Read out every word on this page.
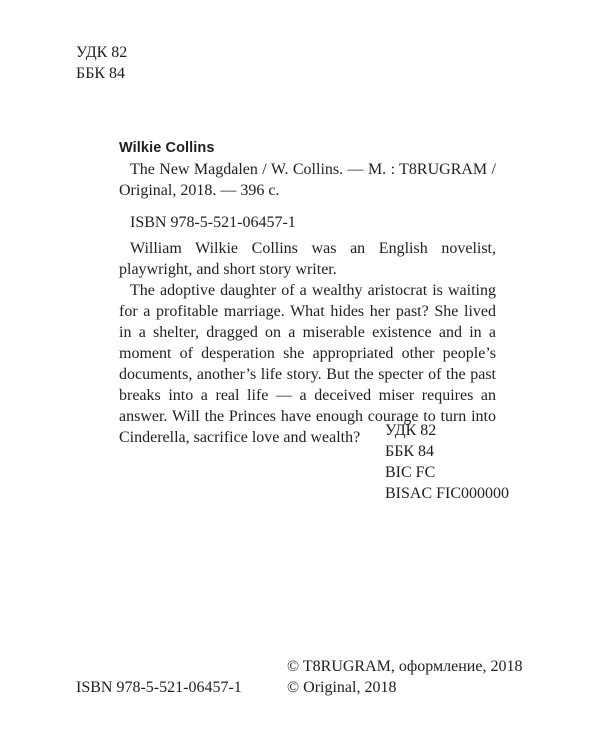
УДК 82
ББК 84
Wilkie Collins
The New Magdalen / W. Collins. — M. : T8RUGRAM /
Original, 2018. — 396 c.
ISBN 978-5-521-06457-1

William Wilkie Collins was an English novelist, playwright, and short story writer.

The adoptive daughter of a wealthy aristocrat is waiting for a profitable marriage. What hides her past? She lived in a shelter, dragged on a miserable existence and in a moment of desperation she appropriated other people’s documents, another’s life story. But the specter of the past breaks into a real life — a deceived miser requires an answer. Will the Princes have enough courage to turn into Cinderella, sacrifice love and wealth?	УДК 82
ББК 84
BIC FC
BISAC FIC000000
© T8RUGRAM, оформление, 2018
© Original, 2018
ISBN 978-5-521-06457-1
